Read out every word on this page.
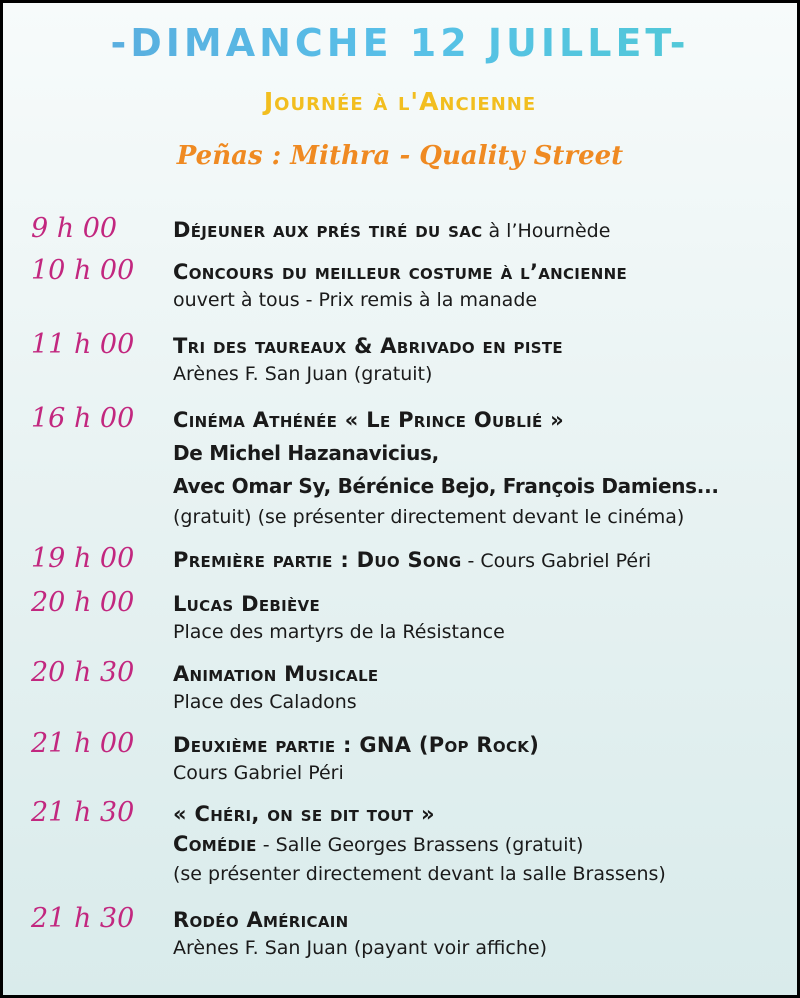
-DIMANCHE 12 JUILLET-
Journée à l'Ancienne
Peñas : Mithra - Quality Street
9 h 00	Déjeuner aux prés tiré du sac à l’Hournède
10 h 00 Concours du meilleur costume à l’ancienne
ouvert à tous - Prix remis à la manade
11 h 00 Tri des taureaux & Abrivado en piste
Arènes F. San Juan (gratuit)
16 h 00 Cinéma Athénée « Le Prince Oublié »
De Michel Hazanavicius,
Avec Omar Sy, Bérénice Bejo, François Damiens...
(gratuit) (se présenter directement devant le cinéma)
19 h 00 Première partie : Duo Song - Cours Gabriel Péri
20 h 00 Lucas Debiève
Place des martyrs de la Résistance
20 h 30 Animation Musicale
Place des Caladons
21 h 00 Deuxième partie : GNA (Pop Rock)
Cours Gabriel Péri
21 h 30 « Chéri, on se dit tout »
Comédie - Salle Georges Brassens (gratuit)
(se présenter directement devant la salle Brassens)
21 h 30 Rodéo Américain
Arènes F. San Juan (payant voir affiche)
